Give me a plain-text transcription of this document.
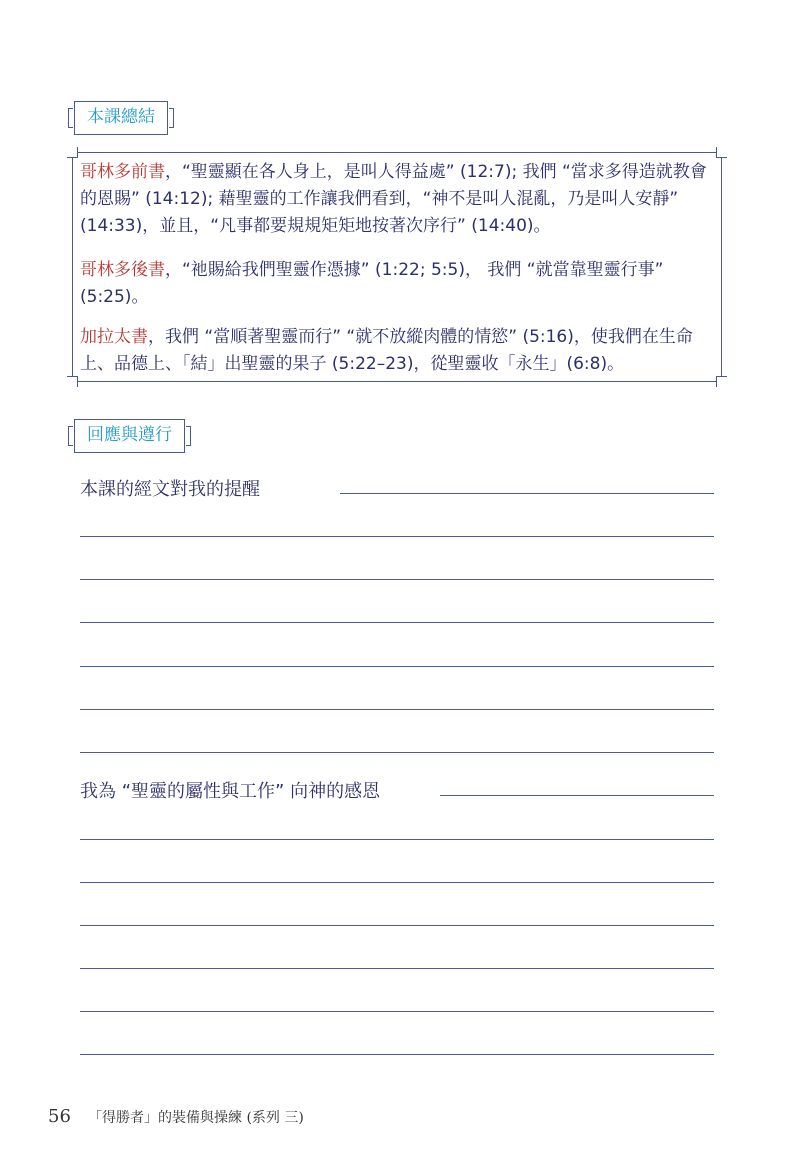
本課總結

哥林多前書，“聖靈顯在各人身上，是叫人得益處” (12:7); 我們 “當求多得造就教會的恩賜” (14:12); 藉聖靈的工作讓我們看到，“神不是叫人混亂，乃是叫人安靜” (14:33)，並且，“凡事都要規規矩矩地按著次序行” (14:40)。

哥林多後書，“祂賜給我們聖靈作憑據” (1:22; 5:5)， 我們 “就當靠聖靈行事” (5:25)。

加拉太書，我們 “當順著聖靈而行” “就不放縱肉體的情慾” (5:16)，使我們在生命上、品德上、「結」出聖靈的果子 (5:22–23)，從聖靈收「永生」(6:8)。

回應與遵行
本課的經文對我的提醒
我為 “聖靈的屬性與工作” 向神的感恩
56 「得勝者」的裝備與操練 (系列 三)
